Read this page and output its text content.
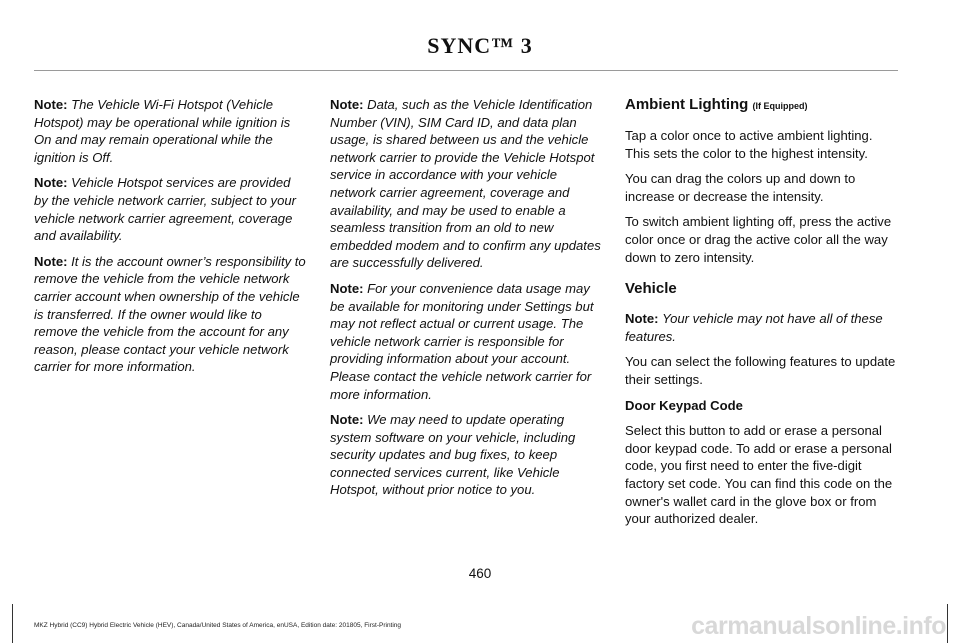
SYNC™ 3

Note: The Vehicle Wi-Fi Hotspot (Vehicle Hotspot) may be operational while ignition is On and may remain operational while the ignition is Off.

Note: Vehicle Hotspot services are provided by the vehicle network carrier, subject to your vehicle network carrier agreement, coverage and availability.

Note: It is the account owner’s responsibility to remove the vehicle from the vehicle network carrier account when ownership of the vehicle is transferred. If the owner would like to remove the vehicle from the account for any reason, please contact your vehicle network carrier for more information.

Note: Data, such as the Vehicle Identification Number (VIN), SIM Card ID, and data plan usage, is shared between us and the vehicle network carrier to provide the Vehicle Hotspot service in accordance with your vehicle network carrier agreement, coverage and availability, and may be used to enable a seamless transition from an old to new embedded modem and to confirm any updates are successfully delivered.

Note: For your convenience data usage may be available for monitoring under Settings but may not reflect actual or current usage. The vehicle network carrier is responsible for providing information about your account. Please contact the vehicle network carrier for more information.

Note: We may need to update operating system software on your vehicle, including security updates and bug fixes, to keep connected services current, like Vehicle Hotspot, without prior notice to you.

Ambient Lighting (If Equipped)

Tap a color once to active ambient lighting. This sets the color to the highest intensity.

You can drag the colors up and down to increase or decrease the intensity.

To switch ambient lighting off, press the active color once or drag the active color all the way down to zero intensity.

Vehicle

Note: Your vehicle may not have all of these features.

You can select the following features to update their settings.

Door Keypad Code

Select this button to add or erase a personal door keypad code. To add or erase a personal code, you first need to enter the five-digit factory set code. You can find this code on the owner's wallet card in the glove box or from your authorized dealer.

460
MKZ Hybrid (CC9) Hybrid Electric Vehicle (HEV), Canada/United States of America, enUSA, Edition date: 201805, First-Printing	carmanualsonline.info
